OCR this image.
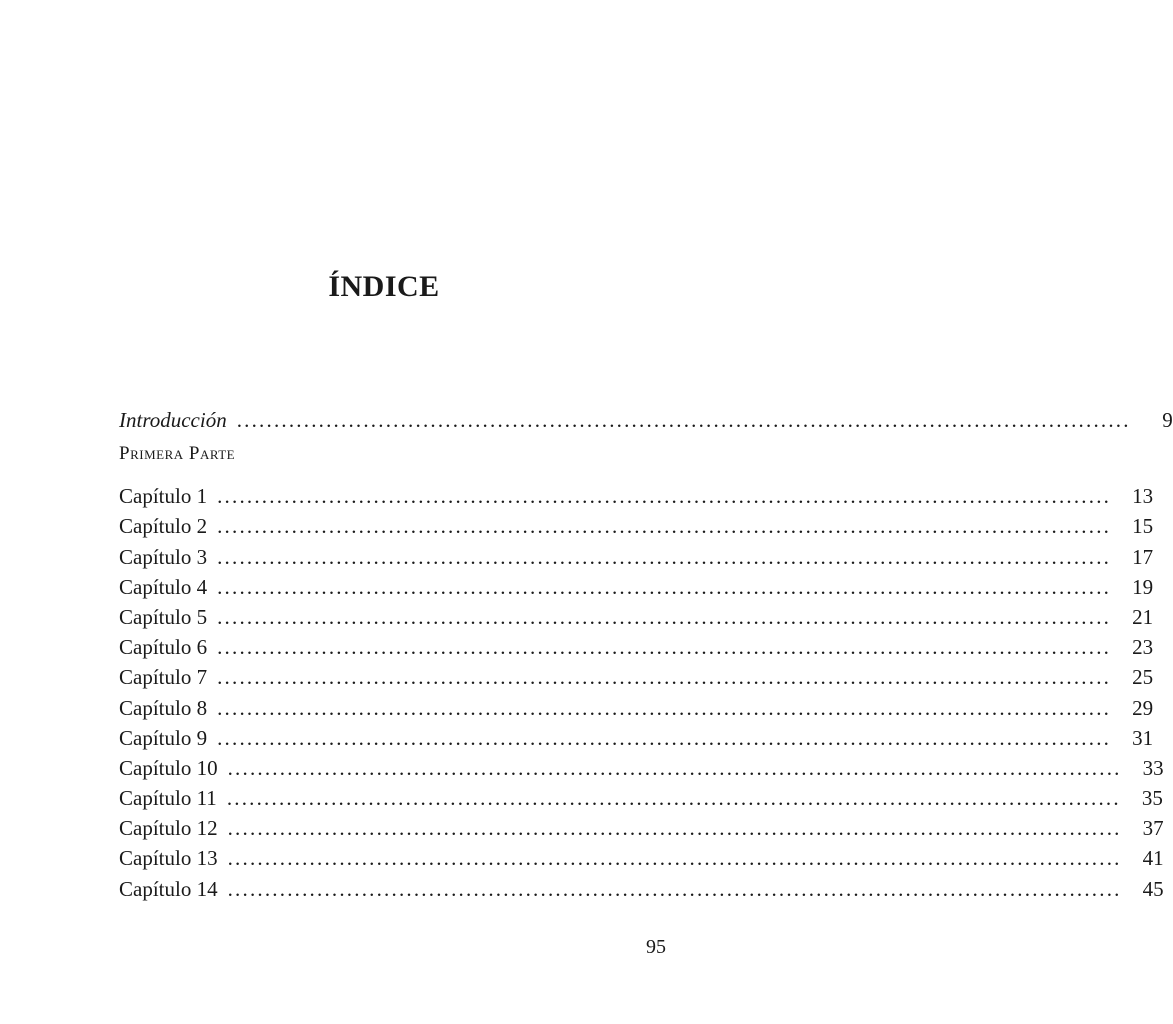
ÍNDICE
Introducción ........................................................................................................................	9
Primera Parte
Capítulo 1 ........................................................................................................................	13
Capítulo 2 ........................................................................................................................	15
Capítulo 3 ........................................................................................................................	17
Capítulo 4 ........................................................................................................................	19
Capítulo 5 ........................................................................................................................	21
Capítulo 6 ........................................................................................................................	23
Capítulo 7 ........................................................................................................................	25
Capítulo 8 ........................................................................................................................	29
Capítulo 9 ........................................................................................................................	31
Capítulo 10 ........................................................................................................................	33
Capítulo 11 ........................................................................................................................	35
Capítulo 12 ........................................................................................................................	37
Capítulo 13 ........................................................................................................................	41
Capítulo 14 ........................................................................................................................	45
95
